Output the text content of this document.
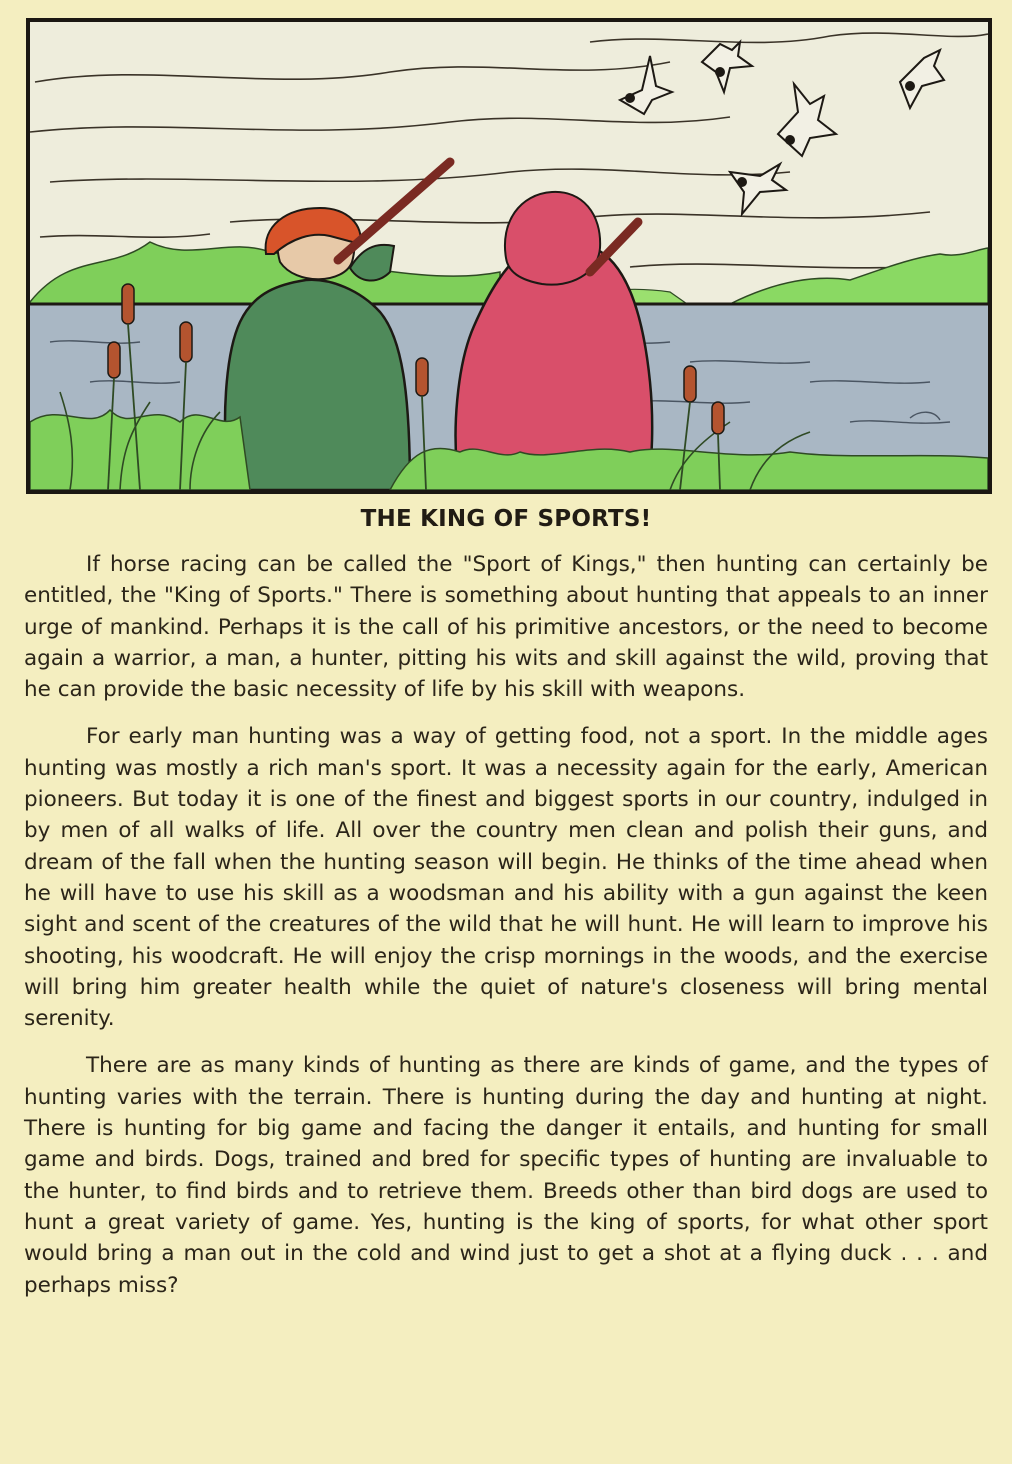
THE KING OF SPORTS!

If horse racing can be called the "Sport of Kings," then hunting can certainly be entitled, the "King of Sports." There is something about hunting that appeals to an inner urge of mankind. Perhaps it is the call of his primitive ancestors, or the need to become again a warrior, a man, a hunter, pitting his wits and skill against the wild, proving that he can provide the basic necessity of life by his skill with weapons.

For early man hunting was a way of getting food, not a sport. In the middle ages hunting was mostly a rich man's sport. It was a necessity again for the early, American pioneers. But today it is one of the finest and biggest sports in our country, indulged in by men of all walks of life. All over the country men clean and polish their guns, and dream of the fall when the hunting season will begin. He thinks of the time ahead when he will have to use his skill as a woodsman and his ability with a gun against the keen sight and scent of the creatures of the wild that he will hunt. He will learn to improve his shooting, his woodcraft. He will enjoy the crisp mornings in the woods, and the exercise will bring him greater health while the quiet of nature's closeness will bring mental serenity.

There are as many kinds of hunting as there are kinds of game, and the types of hunting varies with the terrain. There is hunting during the day and hunting at night. There is hunting for big game and facing the danger it entails, and hunting for small game and birds. Dogs, trained and bred for specific types of hunting are invaluable to the hunter, to find birds and to retrieve them. Breeds other than bird dogs are used to hunt a great variety of game. Yes, hunting is the king of sports, for what other sport would bring a man out in the cold and wind just to get a shot at a flying duck . . . and perhaps miss?
